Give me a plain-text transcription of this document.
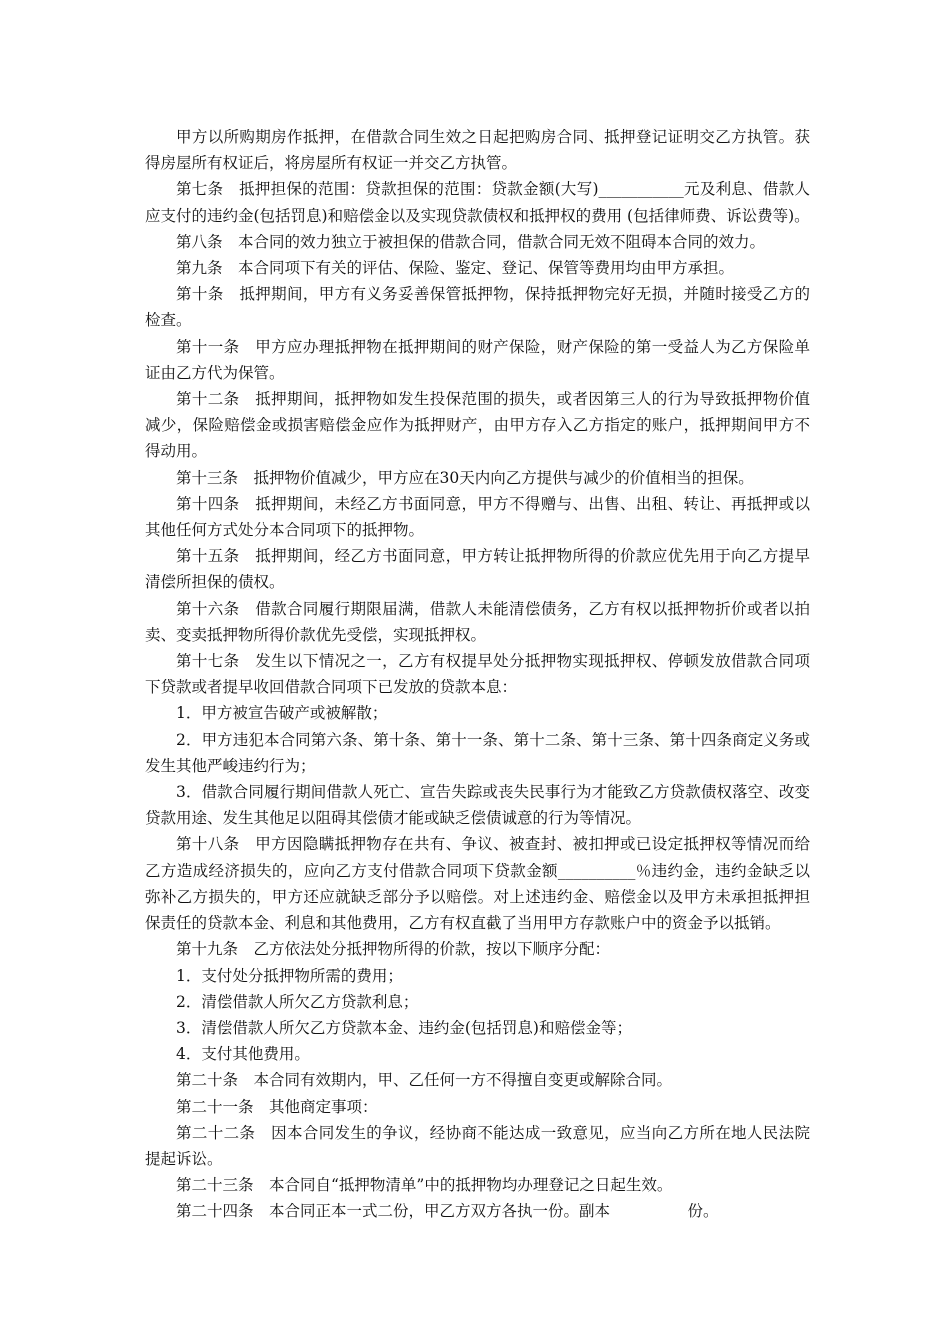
甲方以所购期房作抵押，在借款合同生效之日起把购房合同、抵押登记证明交乙方执管。获得房屋所有权证后，将房屋所有权证一并交乙方执管。

第七条　抵押担保的范围：贷款担保的范围：贷款金额(大写)___________元及利息、借款人应支付的违约金(包括罚息)和赔偿金以及实现贷款债权和抵押权的费用 (包括律师费、诉讼费等)。

第八条　本合同的效力独立于被担保的借款合同，借款合同无效不阻碍本合同的效力。

第九条　本合同项下有关的评估、保险、鉴定、登记、保管等费用均由甲方承担。

第十条　抵押期间，甲方有义务妥善保管抵押物，保持抵押物完好无损，并随时接受乙方的检查。

第十一条　甲方应办理抵押物在抵押期间的财产保险，财产保险的第一受益人为乙方保险单证由乙方代为保管。

第十二条　抵押期间，抵押物如发生投保范围的损失，或者因第三人的行为导致抵押物价值减少，保险赔偿金或损害赔偿金应作为抵押财产，由甲方存入乙方指定的账户，抵押期间甲方不得动用。

第十三条　抵押物价值减少，甲方应在30天内向乙方提供与减少的价值相当的担保。

第十四条　抵押期间，未经乙方书面同意，甲方不得赠与、出售、出租、转让、再抵押或以其他任何方式处分本合同项下的抵押物。

第十五条　抵押期间，经乙方书面同意，甲方转让抵押物所得的价款应优先用于向乙方提早清偿所担保的债权。

第十六条　借款合同履行期限届满，借款人未能清偿债务，乙方有权以抵押物折价或者以拍卖、变卖抵押物所得价款优先受偿，实现抵押权。

第十七条　发生以下情况之一，乙方有权提早处分抵押物实现抵押权、停顿发放借款合同项下贷款或者提早收回借款合同项下已发放的贷款本息：

1．甲方被宣告破产或被解散；

2．甲方违犯本合同第六条、第十条、第十一条、第十二条、第十三条、第十四条商定义务或发生其他严峻违约行为；

3．借款合同履行期间借款人死亡、宣告失踪或丧失民事行为才能致乙方贷款债权落空、改变贷款用途、发生其他足以阻碍其偿债才能或缺乏偿债诚意的行为等情况。

第十八条　甲方因隐瞒抵押物存在共有、争议、被查封、被扣押或已设定抵押权等情况而给乙方造成经济损失的，应向乙方支付借款合同项下贷款金额__________％违约金，违约金缺乏以弥补乙方损失的，甲方还应就缺乏部分予以赔偿。对上述违约金、赔偿金以及甲方未承担抵押担保责任的贷款本金、利息和其他费用，乙方有权直截了当用甲方存款账户中的资金予以抵销。

第十九条　乙方依法处分抵押物所得的价款，按以下顺序分配：

1．支付处分抵押物所需的费用；

2．清偿借款人所欠乙方贷款利息；

3．清偿借款人所欠乙方贷款本金、违约金(包括罚息)和赔偿金等；

4．支付其他费用。

第二十条　本合同有效期内，甲、乙任何一方不得擅自变更或解除合同。

第二十一条　其他商定事项：

第二十二条　因本合同发生的争议，经协商不能达成一致意见，应当向乙方所在地人民法院提起诉讼。

第二十三条　本合同自“抵押物清单”中的抵押物均办理登记之日起生效。

第二十四条　本合同正本一式二份，甲乙方双方各执一份。副本　　　　　份。
